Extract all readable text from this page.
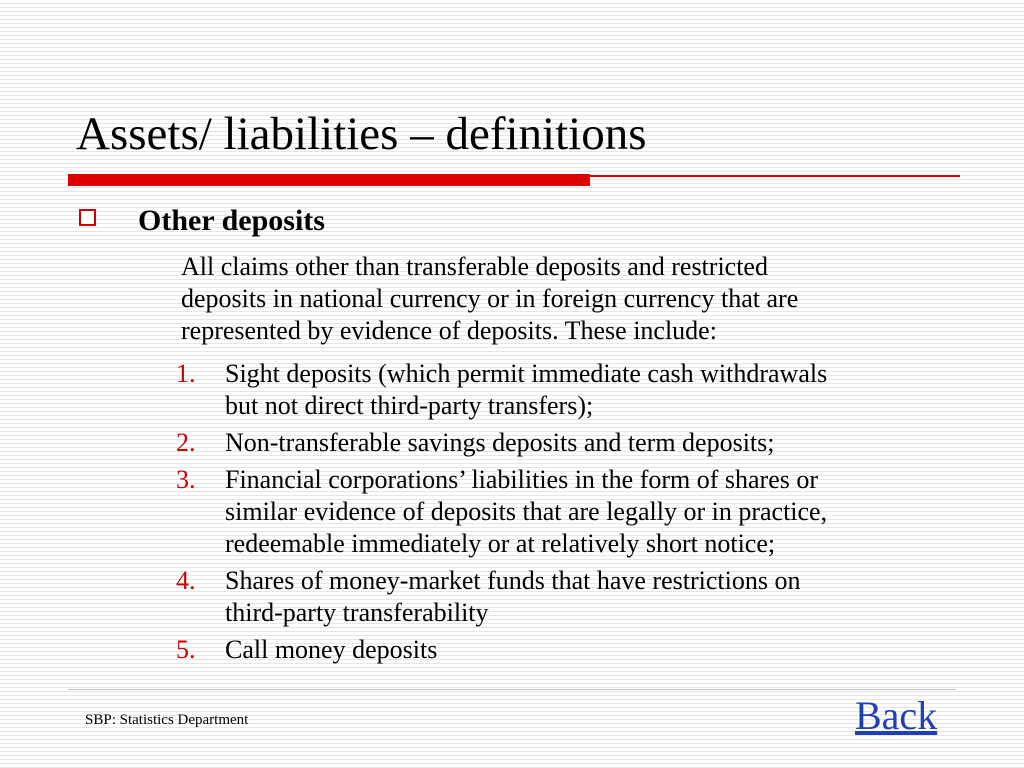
Assets/ liabilities – definitions
Other deposits
All claims other than transferable deposits and restricted
deposits in national currency or in foreign currency that are
represented by evidence of deposits. These include:
1. Sight deposits (which permit immediate cash withdrawals
but not direct third-party transfers);
2. Non-transferable savings deposits and term deposits;
3. Financial corporations’ liabilities in the form of shares or
similar evidence of deposits that are legally or in practice,
redeemable immediately or at relatively short notice;
4. Shares of money-market funds that have restrictions on
third-party transferability
5. Call money deposits
SBP: Statistics Department	Back
